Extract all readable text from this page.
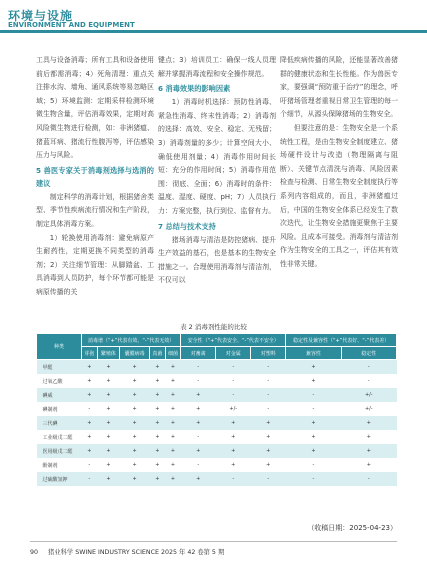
环境与设施
ENVIRONMENT AND EQUIPMENT

工具与设备消毒；所有工具和设备使用前后都需消毒；4）死角清理：重点关注排水沟、墙角、通风系统等易忽略区域；5）环境监测：定期采样检测环境微生物含量，评估消毒效果，定期对高风险微生物进行检测，如：非洲猪瘟、猪蓝耳病、猪流行性腹泻等，评估感染压力与风险。

5 兽医专家关于消毒剂选择与选消的建议

制定科学的消毒计划，根据猪舍类型、季节性疾病流行情况和生产阶段，制定具体消毒方案。

1）轮换使用消毒剂：避免病原产生耐药性，定期更换不同类型的消毒剂；2）关注细节管理：从脚踏盆、工具消毒到人员防护，每个环节都可能是病原传播的关

键点；3）培训员工：确保一线人员理解并掌握消毒流程和安全操作规范。

6 消毒效果的影响因素

1）消毒时机选择：预防性消毒、紧急性消毒、终末性消毒；2）消毒剂的选择：高效、安全、稳定、无残留；3）消毒剂量的多少；计算空间大小、确低使用剂量；4）消毒作用时间长短：充分的作用时间；5）消毒作用范围：彻底、全面；6）消毒时的条件：温度、湿度、硬度、pH；7）人员执行力：方案完整，执行到位、监督有力。

7 总结与技术支持

猪场消毒与清洁是防控猪病、提升生产效益的基石，也是基本的生物安全措施之一。合理使用消毒剂与清洁剂，不仅可以

降低疾病传播的风险，还能显著改善猪群的健康状态和生长性能。作为兽医专家，要强调“预防重于治疗”的理念，呼吁猪场管理者重视日常卫生管理的每一个细节，从源头保障猪场的生物安全。

但要注意的是：生物安全是一个系统性工程，是由生物安全制度建立、猪场硬件设计与改造（物理隔离与阻断）、关键节点清洗与消毒、风险因素检查与检测、日常生物安全制度执行等系列内容组成的，而且，非洲猪瘟过后，中国的生物安全体系已经发生了数次迭代，让生物安全措施更聚焦于主要风险。且成本可接受。消毒剂与清洁剂作为生物安全的工具之一，评估其有效性非常关键。

表 2 消毒剂性能的比较
种类	消毒谱（“+”代表有效、“-”代表无效）					安全性（“+”代表安全、“-”代表不安全）			稳定性及兼容性（“+”代表好、“-”代表差）	
	芽孢	繁殖体	囊膜病毒	真菌	细菌	对畜禽	对金属	对塑料	兼容性	稳定性
甲醛	+	+	+	+	+	-	-	-	+	-
过氧乙酸	+	+	+	+	+	-	-	-	+	-
碘威	+	+	+	+	+	+	-	-	-	+/-
碘制剂	-	+	+	+	+	+	+/-	-	-	+/-
三代碘	+	+	+	+	+	+	+	+	+	+
工业级戊二醛	+	+	+	+	+	-	+	+	+	+
医用级戊二醛	+	+	+	+	+	+	+	+	+	+
酚制剂	-	+	+	+	+	-	+	+	-	+
过硫酸氢钾	-	+	+	+	+	+	-	-	-	-
（收稿日期：2025-04-23）
90 猪业科学 SWINE INDUSTRY SCIENCE 2025 年 42 卷第 5 期
